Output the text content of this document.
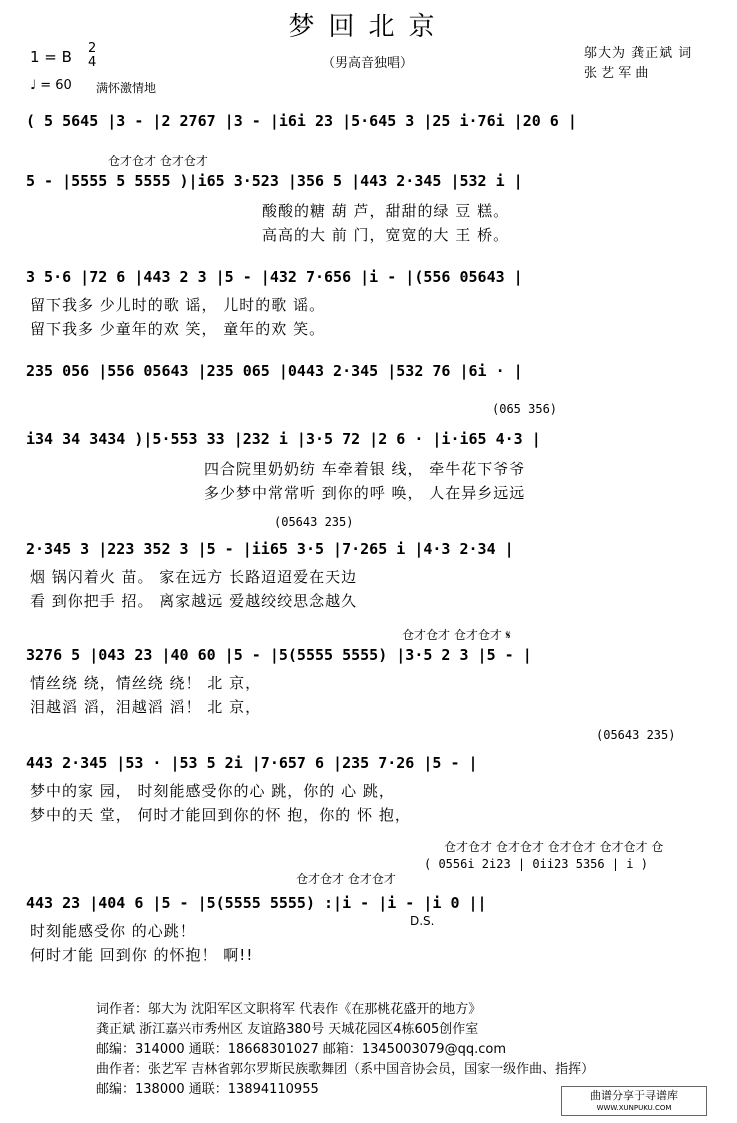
梦回北京
1 = B 2
4
♩ = 60 满怀激情地
（男高音独唱）
邬大为 龚正斌 词
张 艺 军 曲
( 5 5645 |3 - |2 2767 |3 - |i6i 23 |5·645 3 |25 i·76i |20 6 |
仓才仓才 仓才仓才
5 - |5555 5 5555 )|i65 3·523 |356 5 |443 2·345 |532 i |
酸酸的糖 葫 芦，甜甜的绿 豆 糕。
高高的大 前 门，宽宽的大 王 桥。
3 5·6 |72 6 |443 2 3 |5 - |432 7·656 |i - |(556 05643 |
留下我多 少儿时的歌 谣， 儿时的歌 谣。
留下我多 少童年的欢 笑， 童年的欢 笑。
235 056 |556 05643 |235 065 |0443 2·345 |532 76 |6i · |
(065 356)
i34 34 3434 )|5·553 33 |232 i |3·5 72 |2 6 · |i·i65 4·3 |
四合院里奶奶纺 车牵着银 线， 牵牛花下爷爷
多少梦中常常听 到你的呼 唤， 人在异乡远远
(05643 235)
2·345 3 |223 352 3 |5 - |ii65 3·5 |7·265 i |4·3 2·34 |
烟 锅闪着火 苗。 家在远方 长路迢迢爱在天边
看 到你把手 招。 离家越远 爱越绞绞思念越久
仓才仓才 仓才仓才 𝄋
3276 5 |043 23 |40 60 |5 - |5(5555 5555) |3·5 2 3 |5 - |
情丝绕 绕，情丝绕 绕！ 北 京，
泪越滔 滔，泪越滔 滔！ 北 京，
(05643 235)
443 2·345 |53 · |53 5 2i |7·657 6 |235 7·26 |5 - |
梦中的家 园， 时刻能感受你的心 跳，你的 心 跳，
梦中的天 堂， 何时才能回到你的怀 抱，你的 怀 抱，
仓才仓才 仓才仓才 仓才仓才 仓才仓才 仓
仓才仓才 仓才仓才
( 0556i 2i23 | 0ii23 5356 | i )
443 23 |404 6 |5 - |5(5555 5555) :|i - |i - |i 0 ||
D.S.
时刻能感受你 的心跳！
何时才能 回到你 的怀抱！ 啊!!
词作者：邬大为 沈阳军区文职将军 代表作《在那桃花盛开的地方》
龚正斌 浙江嘉兴市秀州区 友谊路380号 天城花园区4栋605创作室
邮编：314000 通联：18668301027 邮箱：1345003079@qq.com
曲作者：张艺军 吉林省郭尔罗斯民族歌舞团（系中国音协会员，国家一级作曲、指挥）
邮编：138000 通联：13894110955	曲谱分享于寻谱库
WWW.XUNPUKU.COM
